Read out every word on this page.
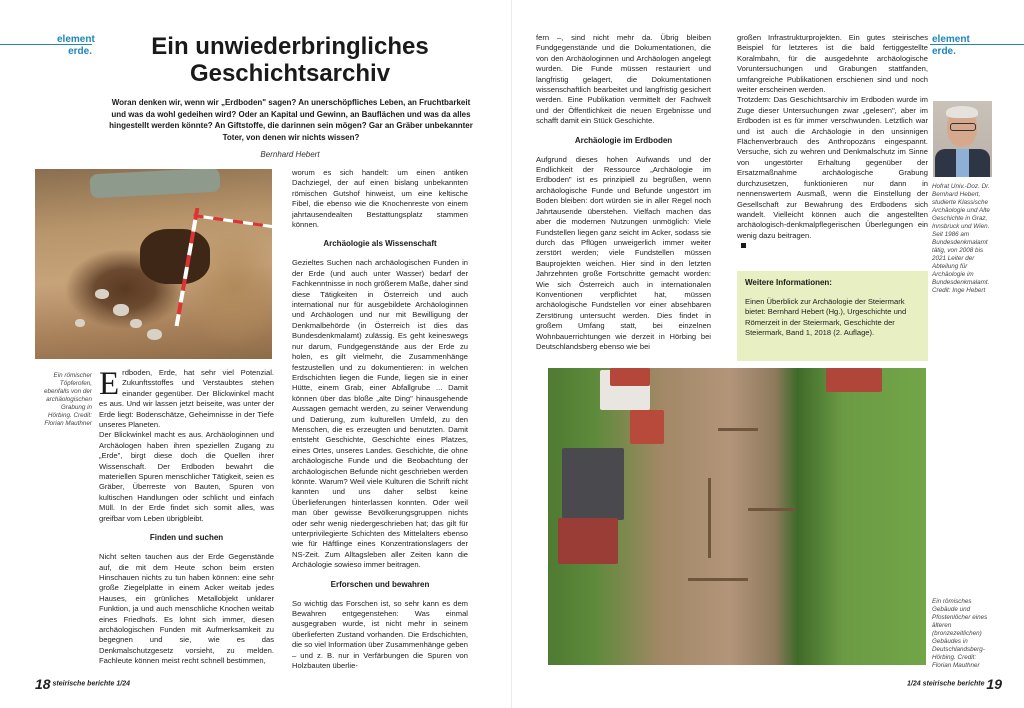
element
erde.	Ein unwiederbringliches Geschichtsarchiv

Woran denken wir, wenn wir „Erdboden" sagen? An unerschöpfliches Leben, an Fruchtbarkeit und was da wohl gedeihen wird? Oder an Kapital und Gewinn, an Bauflächen und was da alles hingestellt werden könnte? An Giftstoffe, die darinnen sein mögen? Gar an Gräber unbekannter Toter, von denen wir nichts wissen?

Bernhard Hebert
Ein römischer Töpferofen, ebenfalls von der archäologischen Grabung in Hörbing. Credit: Florian Mauthner
E rdboden, Erde, hat sehr viel Potenzial. Zukunftsstoffes und Verstaubtes stehen einander gegenüber. Der Blickwinkel macht es aus. Und wir lassen jetzt beiseite, was unter der Erde liegt: Bodenschätze, Geheimnisse in der Tiefe unseres Planeten.

Der Blickwinkel macht es aus. Archäologinnen und Archäologen haben ihren speziellen Zugang zu „Erde", birgt diese doch die Quellen ihrer Wissenschaft. Der Erdboden bewahrt die materiellen Spuren menschlicher Tätigkeit, seien es Gräber, Überreste von Bauten, Spuren von kultischen Handlungen oder schlicht und einfach Müll. In der Erde findet sich somit alles, was greifbar vom Leben übrigbleibt.

Finden und suchen

Nicht selten tauchen aus der Erde Gegenstände auf, die mit dem Heute schon beim ersten Hinschauen nichts zu tun haben können: eine sehr große Ziegelplatte in einem Acker weitab jedes Hauses, ein grünliches Metallobjekt unklarer Funktion, ja und auch menschliche Knochen weitab eines Friedhofs. Es lohnt sich immer, diesen archäologischen Funden mit Aufmerksamkeit zu begegnen und sie, wie es das Denkmalschutzgesetz vorsieht, zu melden. Fachleute können meist recht schnell bestimmen,

worum es sich handelt: um einen antiken Dachziegel, der auf einen bislang unbekannten römischen Gutshof hinweist, um eine keltische Fibel, die ebenso wie die Knochenreste von einem jahrtausendealten Bestattungsplatz stammen können.

Archäologie als Wissenschaft

Gezieltes Suchen nach archäologischen Funden in der Erde (und auch unter Wasser) bedarf der Fachkenntnisse in noch größerem Maße, daher sind diese Tätigkeiten in Österreich und auch international nur für ausgebildete Archäologinnen und Archäologen und nur mit Bewilligung der Denkmalbehörde (in Österreich ist dies das Bundesdenkmalamt) zulässig. Es geht keineswegs nur darum, Fundgegenstände aus der Erde zu holen, es gilt vielmehr, die Zusammenhänge festzustellen und zu dokumentieren: in welchen Erdschichten liegen die Funde, liegen sie in einer Hütte, einem Grab, einer Abfallgrube ... Damit können über das bloße „alte Ding" hinausgehende Aussagen gemacht werden, zu seiner Verwendung und Datierung, zum kulturellen Umfeld, zu den Menschen, die es erzeugten und benutzten. Damit entsteht Geschichte, Geschichte eines Platzes, eines Ortes, unseres Landes. Geschichte, die ohne archäologische Funde und die Beobachtung der archäologischen Befunde nicht geschrieben werden könnte. Warum? Weil viele Kulturen die Schrift nicht kannten und uns daher selbst keine Überlieferungen hinterlassen konnten. Oder weil man über gewisse Bevölkerungsgruppen nichts oder sehr wenig niedergeschrieben hat; das gilt für unterprivilegierte Schichten des Mittelalters ebenso wie für Häftlinge eines Konzentrationslagers der NS-Zeit. Zum Alltagsleben aller Zeiten kann die Archäologie sowieso immer beitragen.

Erforschen und bewahren

So wichtig das Forschen ist, so sehr kann es dem Bewahren entgegenstehen: Was einmal ausgegraben wurde, ist nicht mehr in seinem überlieferten Zustand vorhanden. Die Erdschichten, die so viel Information über Zusammenhänge geben – und z. B. nur in Verfärbungen die Spuren von Holzbauten überlie-

18 steirische berichte 1/24
element
erde.

fern –, sind nicht mehr da. Übrig bleiben Fundgegenstände und die Dokumentationen, die von den Archäologinnen und Archäologen angelegt wurden. Die Funde müssen restauriert und langfristig gelagert, die Dokumentationen wissenschaftlich bearbeitet und langfristig gesichert werden. Eine Publikation vermittelt der Fachwelt und der Öffentlichkeit die neuen Ergebnisse und schafft damit ein Stück Geschichte.

Archäologie im Erdboden

Aufgrund dieses hohen Aufwands und der Endlichkeit der Ressource „Archäologie im Erdboden" ist es prinzipiell zu begrüßen, wenn archäologische Funde und Befunde ungestört im Boden bleiben: dort würden sie in aller Regel noch Jahrtausende überstehen. Vielfach machen das aber die modernen Nutzungen unmöglich: Viele Fundstellen liegen ganz seicht im Acker, sodass sie durch das Pflügen unweigerlich immer weiter zerstört werden; viele Fundstellen müssen Bauprojekten weichen. Hier sind in den letzten Jahrzehnten große Fortschritte gemacht worden: Wie sich Österreich auch in internationalen Konventionen verpflichtet hat, müssen archäologische Fundstellen vor einer absehbaren Zerstörung untersucht werden. Dies findet in großem Umfang statt, bei einzelnen Wohnbauerrichtungen wie derzeit in Hörbing bei Deutschlandsberg ebenso wie bei

großen Infrastrukturprojekten. Ein gutes steirisches Beispiel für letzteres ist die bald fertiggestellte Koralmbahn, für die ausgedehnte archäologische Voruntersuchungen und Grabungen stattfanden, umfangreiche Publikationen erschienen sind und noch weiter erscheinen werden.

Trotzdem: Das Geschichtsarchiv im Erdboden wurde im Zuge dieser Untersuchungen zwar „gelesen", aber im Erdboden ist es für immer verschwunden. Letztlich war und ist auch die Archäologie in den unsinnigen Flächenverbrauch des Anthropozäns eingespannt. Versuche, sich zu wehren und Denkmalschutz im Sinne von ungestörter Erhaltung gegenüber der Ersatzmaßnahme archäologische Grabung durchzusetzen, funktionieren nur dann in nennenswertem Ausmaß, wenn die Einstellung der Gesellschaft zur Bewahrung des Erdbodens sich wandelt. Vielleicht können auch die angestellten archäologisch-denkmalpflegerischen Überlegungen ein wenig dazu beitragen.

Weitere Informationen:

Einen Überblick zur Archäologie der Steiermark bietet: Bernhard Hebert (Hg.), Urgeschichte und Römerzeit in der Steiermark, Geschichte der Steiermark, Band 1, 2018 (2. Auflage).

Hofrat Univ.-Doz. Dr. Bernhard Hebert, studierte Klassische Archäologie und Alte Geschichte in Graz, Innsbruck und Wien. Seit 1986 am Bundesdenkmalamt tätig, von 2008 bis 2021 Leiter der Abteilung für Archäologie im Bundesdenkmalamt. Credit: Inge Hebert
Ein römisches Gebäude und Pfostenlöcher eines älteren (bronzezeitlichen) Gebäudes in Deutschlandsberg-Hörbing. Credit: Florian Mauthner
1/24 steirische berichte 19
